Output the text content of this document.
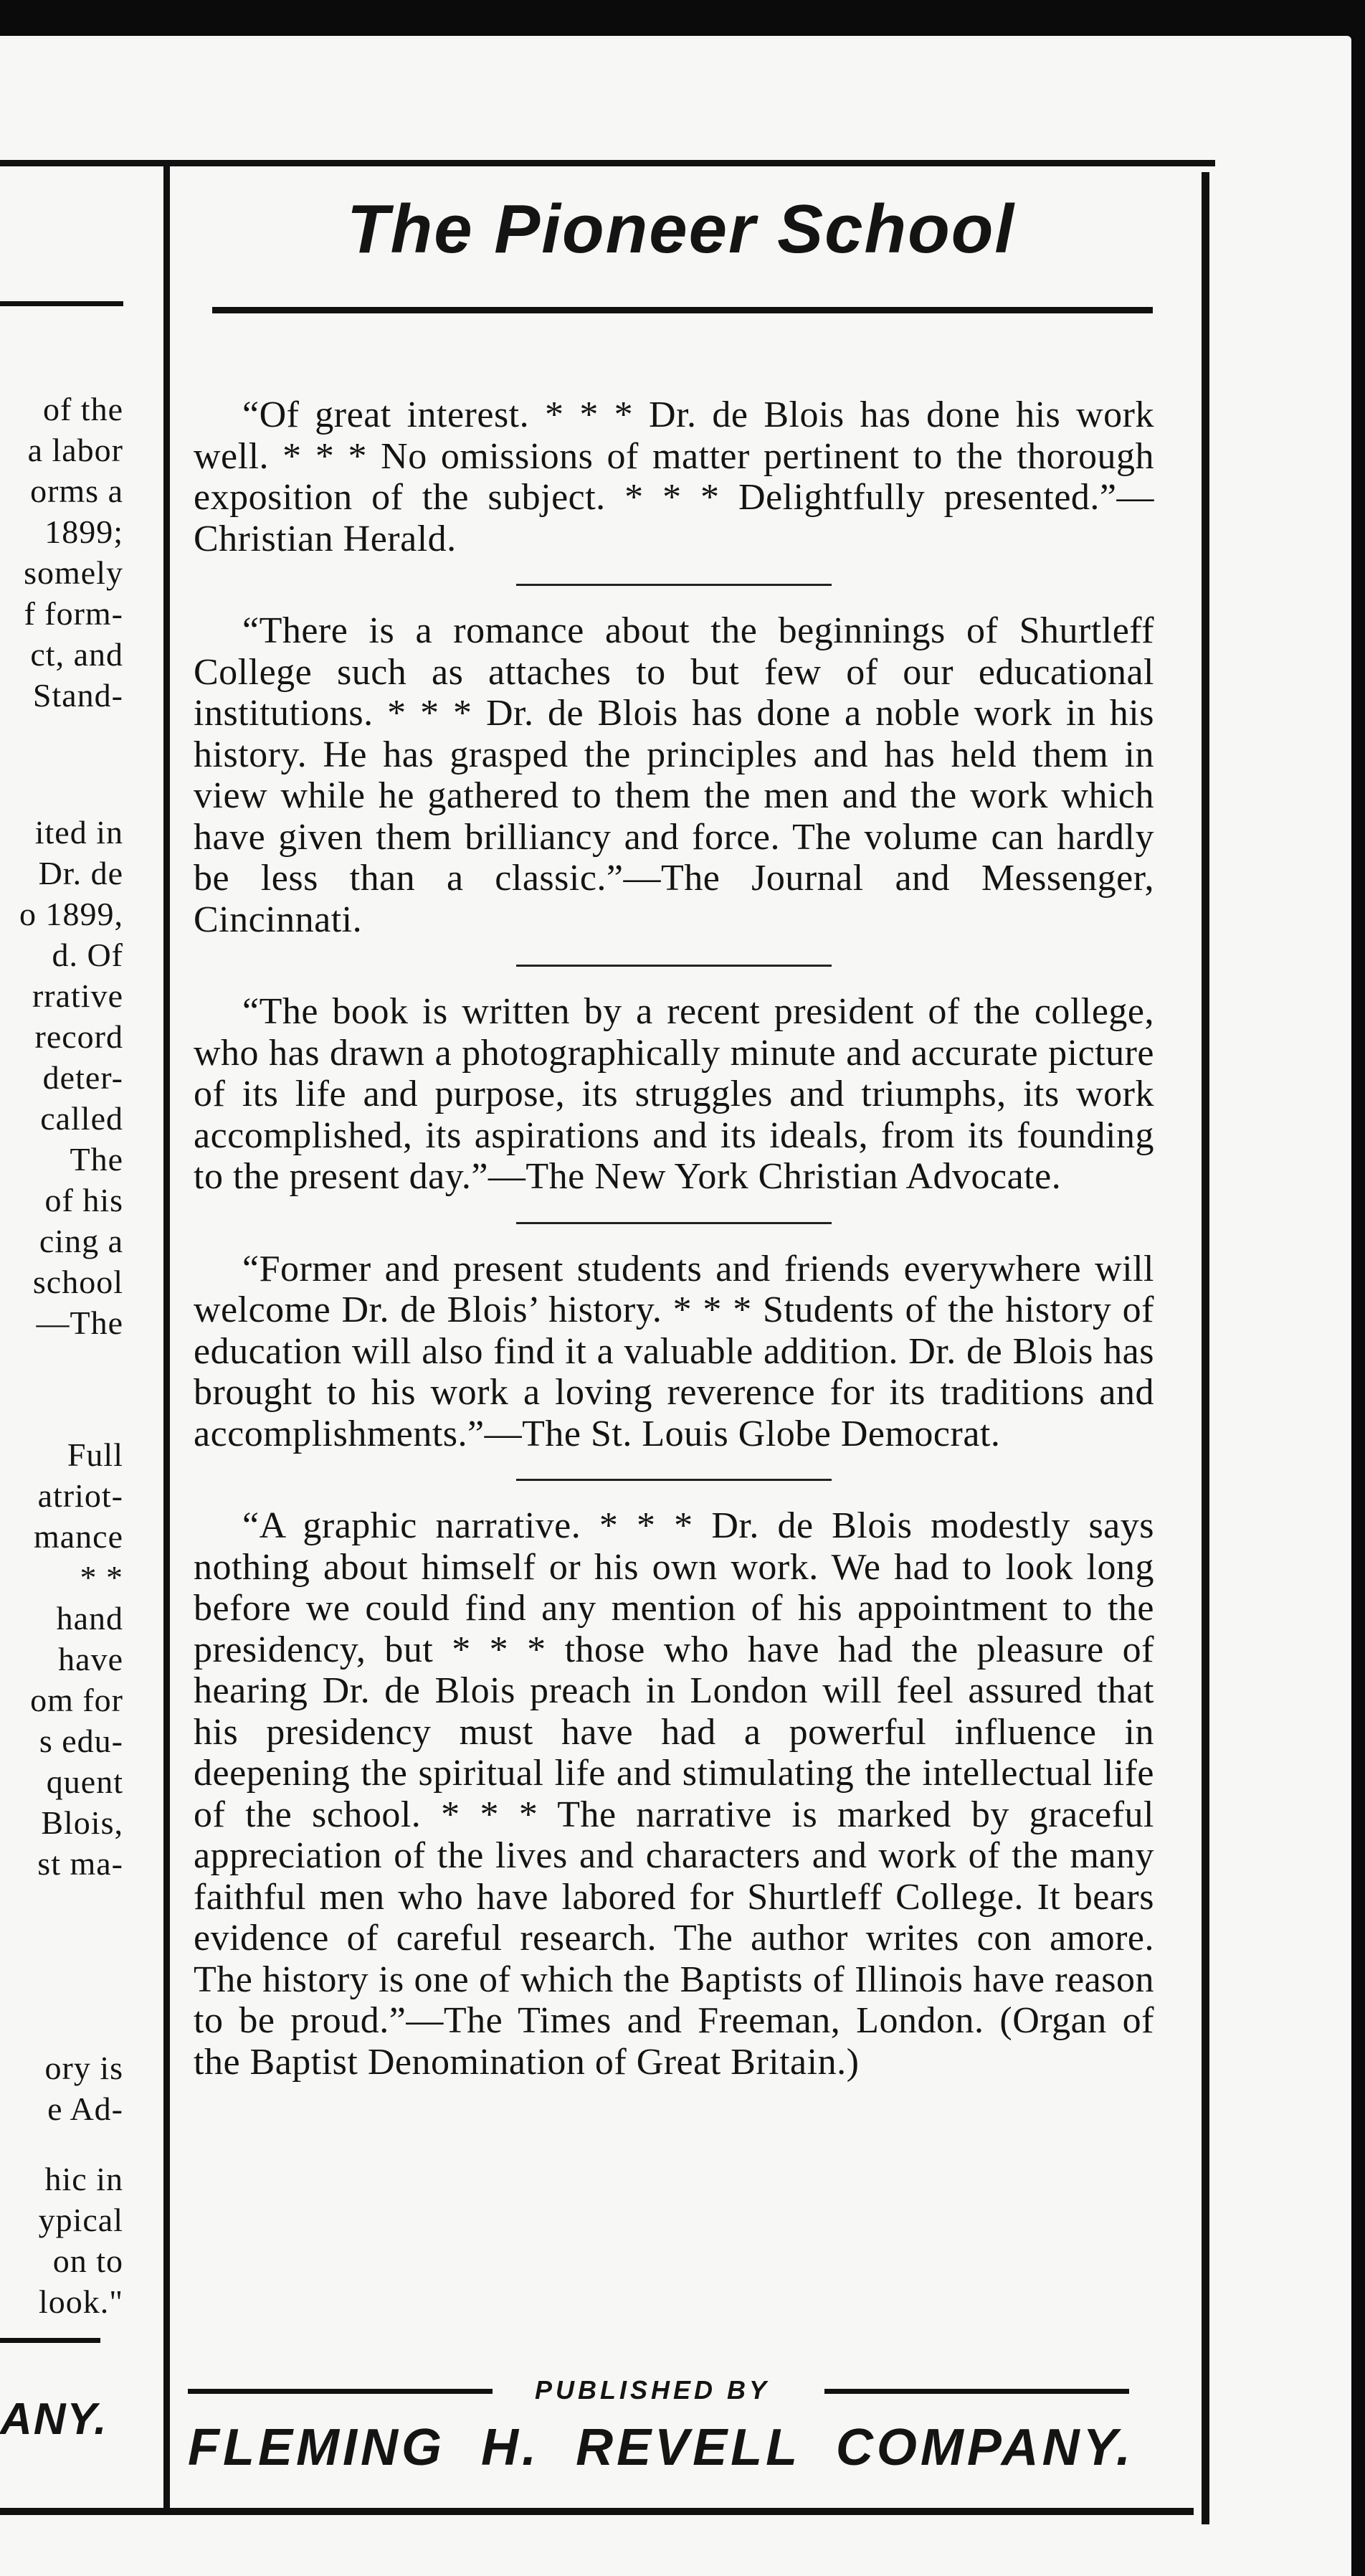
of the
a labor
orms a
1899;
somely
f form-
ct, and
Stand-
ited in
Dr. de
o 1899,
d. Of
rrative
record
deter-
called
The
of his
cing a
school
—The
Full
atriot-
mance
* *
hand
have
om for
s edu-
quent
Blois,
st ma-
ory is
e Ad-
hic in
ypical
on to
look."
ANY.
The Pioneer School

“Of great interest. * * * Dr. de Blois has done his work well. * * * No omissions of matter pertinent to the thorough exposition of the subject. * * * Delightfully presented.”—Christian Herald.

“There is a romance about the beginnings of Shurtleff College such as attaches to but few of our educational institutions. * * * Dr. de Blois has done a noble work in his history. He has grasped the principles and has held them in view while he gathered to them the men and the work which have given them brilliancy and force. The volume can hardly be less than a classic.”—The Journal and Messenger, Cincinnati.

“The book is written by a recent president of the college, who has drawn a photographically minute and accurate picture of its life and purpose, its struggles and triumphs, its work accomplished, its aspirations and its ideals, from its founding to the present day.”—The New York Christian Advocate.

“Former and present students and friends everywhere will welcome Dr. de Blois’ history. * * * Students of the history of education will also find it a valuable addition. Dr. de Blois has brought to his work a loving reverence for its traditions and accomplishments.”—The St. Louis Globe Democrat.

“A graphic narrative. * * * Dr. de Blois modestly says nothing about himself or his own work. We had to look long before we could find any mention of his appointment to the presidency, but * * * those who have had the pleasure of hearing Dr. de Blois preach in London will feel assured that his presidency must have had a powerful influence in deepening the spiritual life and stimulating the intellectual life of the school. * * * The narrative is marked by graceful appreciation of the lives and characters and work of the many faithful men who have labored for Shurtleff College. It bears evidence of careful research. The author writes con amore. The history is one of which the Baptists of Illinois have reason to be proud.”—The Times and Freeman, London. (Organ of the Baptist Denomination of Great Britain.)

PUBLISHED BY
FLEMING H. REVELL COMPANY.
